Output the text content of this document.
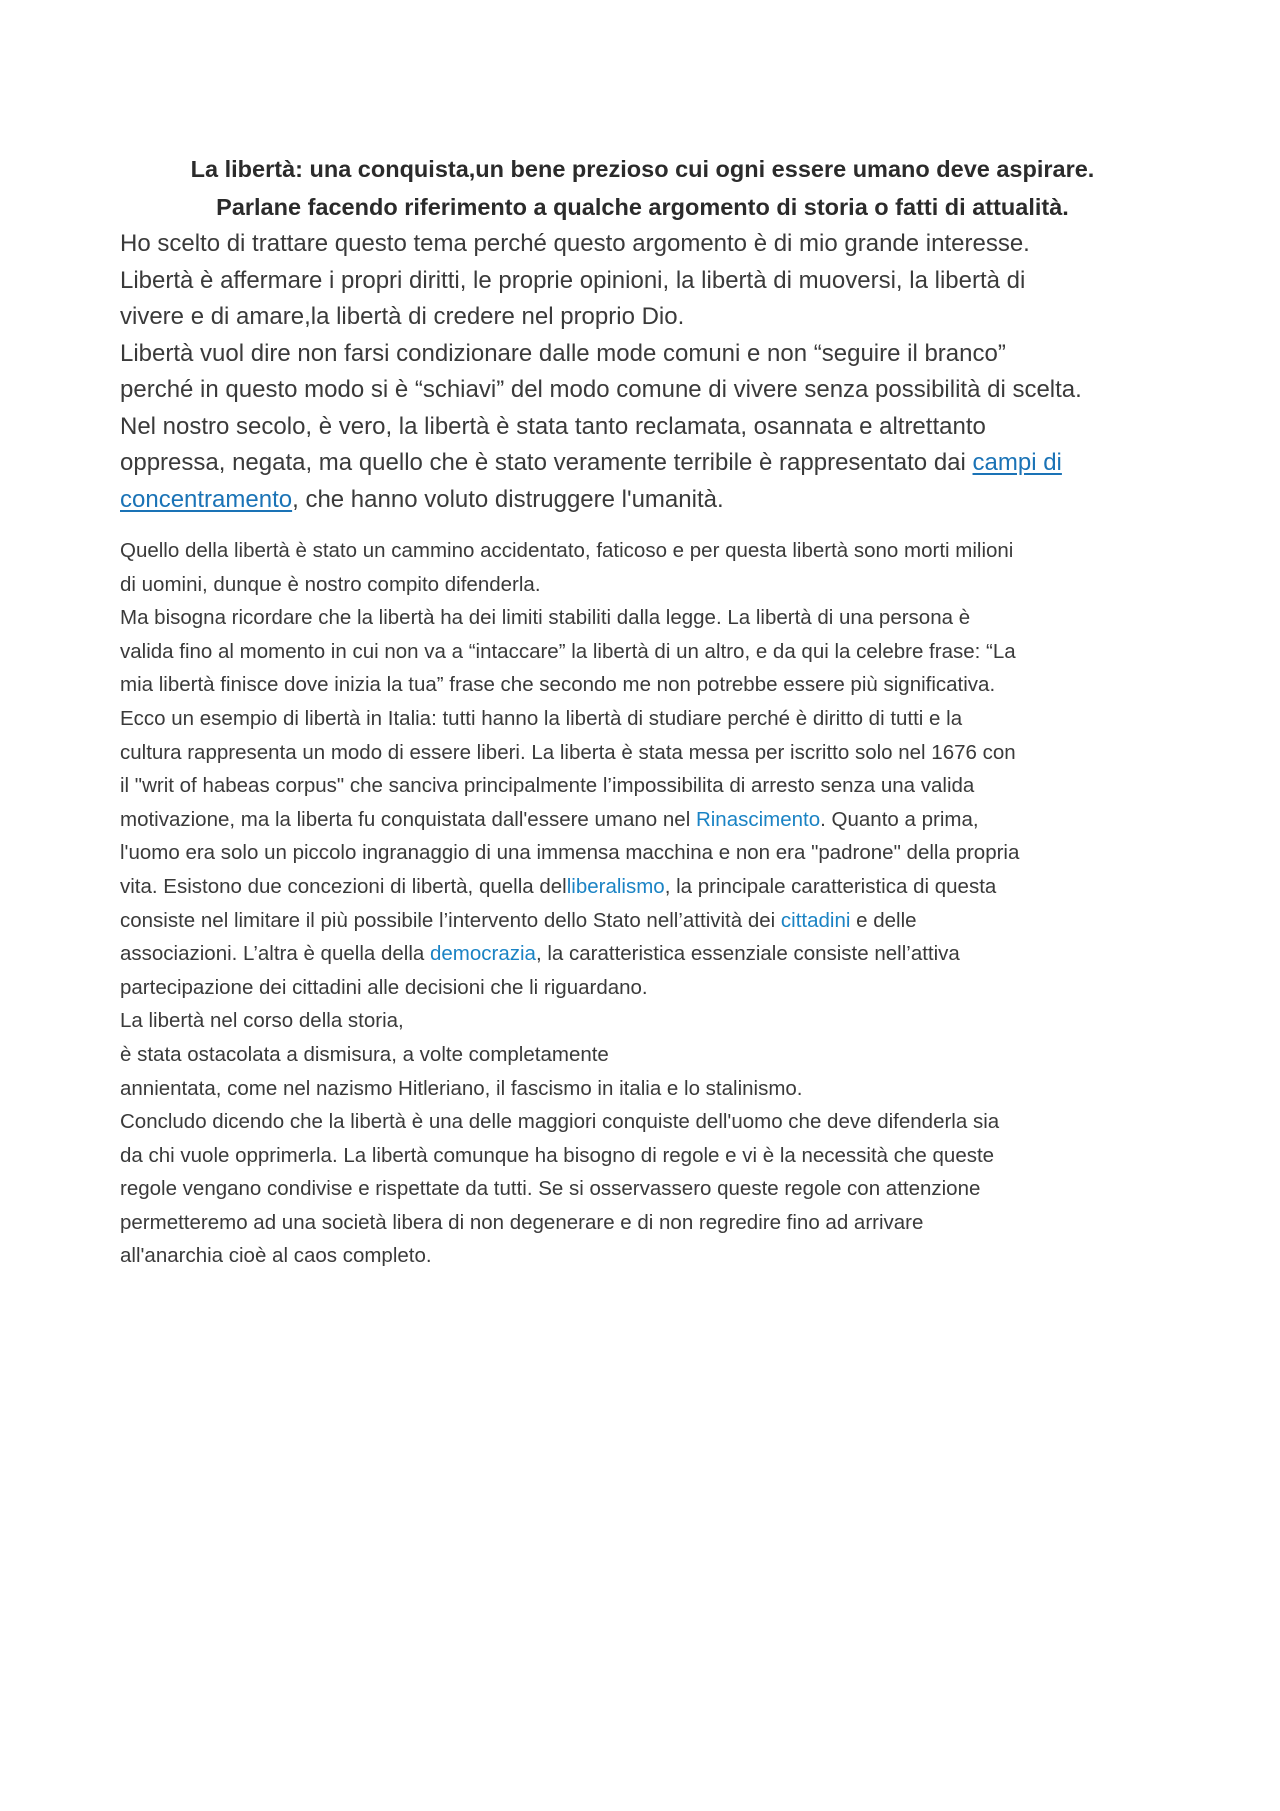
La libertà: una conquista,un bene prezioso cui ogni essere umano deve aspirare.
Parlane facendo riferimento a qualche argomento di storia o fatti di attualità.
Ho scelto di trattare questo tema perché questo argomento è di mio grande interesse.
Libertà è affermare i propri diritti, le proprie opinioni, la libertà di muoversi, la libertà di
vivere e di amare,la libertà di credere nel proprio Dio.
Libertà vuol dire non farsi condizionare dalle mode comuni e non “seguire il branco”
perché in questo modo si è “schiavi” del modo comune di vivere senza possibilità di scelta.
Nel nostro secolo, è vero, la libertà è stata tanto reclamata, osannata e altrettanto
oppressa, negata, ma quello che è stato veramente terribile è rappresentato dai campi di
concentramento, che hanno voluto distruggere l'umanità.
Quello della libertà è stato un cammino accidentato, faticoso e per questa libertà sono morti milioni
di uomini, dunque è nostro compito difenderla.
Ma bisogna ricordare che la libertà ha dei limiti stabiliti dalla legge. La libertà di una persona è
valida fino al momento in cui non va a “intaccare” la libertà di un altro, e da qui la celebre frase: “La
mia libertà finisce dove inizia la tua” frase che secondo me non potrebbe essere più significativa.
Ecco un esempio di libertà in Italia: tutti hanno la libertà di studiare perché è diritto di tutti e la
cultura rappresenta un modo di essere liberi. La liberta è stata messa per iscritto solo nel 1676 con
il "writ of habeas corpus" che sanciva principalmente l’impossibilita di arresto senza una valida
motivazione, ma la liberta fu conquistata dall'essere umano nel Rinascimento. Quanto a prima,
l'uomo era solo un piccolo ingranaggio di una immensa macchina e non era "padrone" della propria
vita. Esistono due concezioni di libertà, quella delliberalismo, la principale caratteristica di questa
consiste nel limitare il più possibile l’intervento dello Stato nell’attività dei cittadini e delle
associazioni. L’altra è quella della democrazia, la caratteristica essenziale consiste nell’attiva
partecipazione dei cittadini alle decisioni che li riguardano.
La libertà nel corso della storia,
è stata ostacolata a dismisura, a volte completamente
annientata, come nel nazismo Hitleriano, il fascismo in italia e lo stalinismo.
Concludo dicendo che la libertà è una delle maggiori conquiste dell'uomo che deve difenderla sia
da chi vuole opprimerla. La libertà comunque ha bisogno di regole e vi è la necessità che queste
regole vengano condivise e rispettate da tutti. Se si osservassero queste regole con attenzione
permetteremo ad una società libera di non degenerare e di non regredire fino ad arrivare
all'anarchia cioè al caos completo.
